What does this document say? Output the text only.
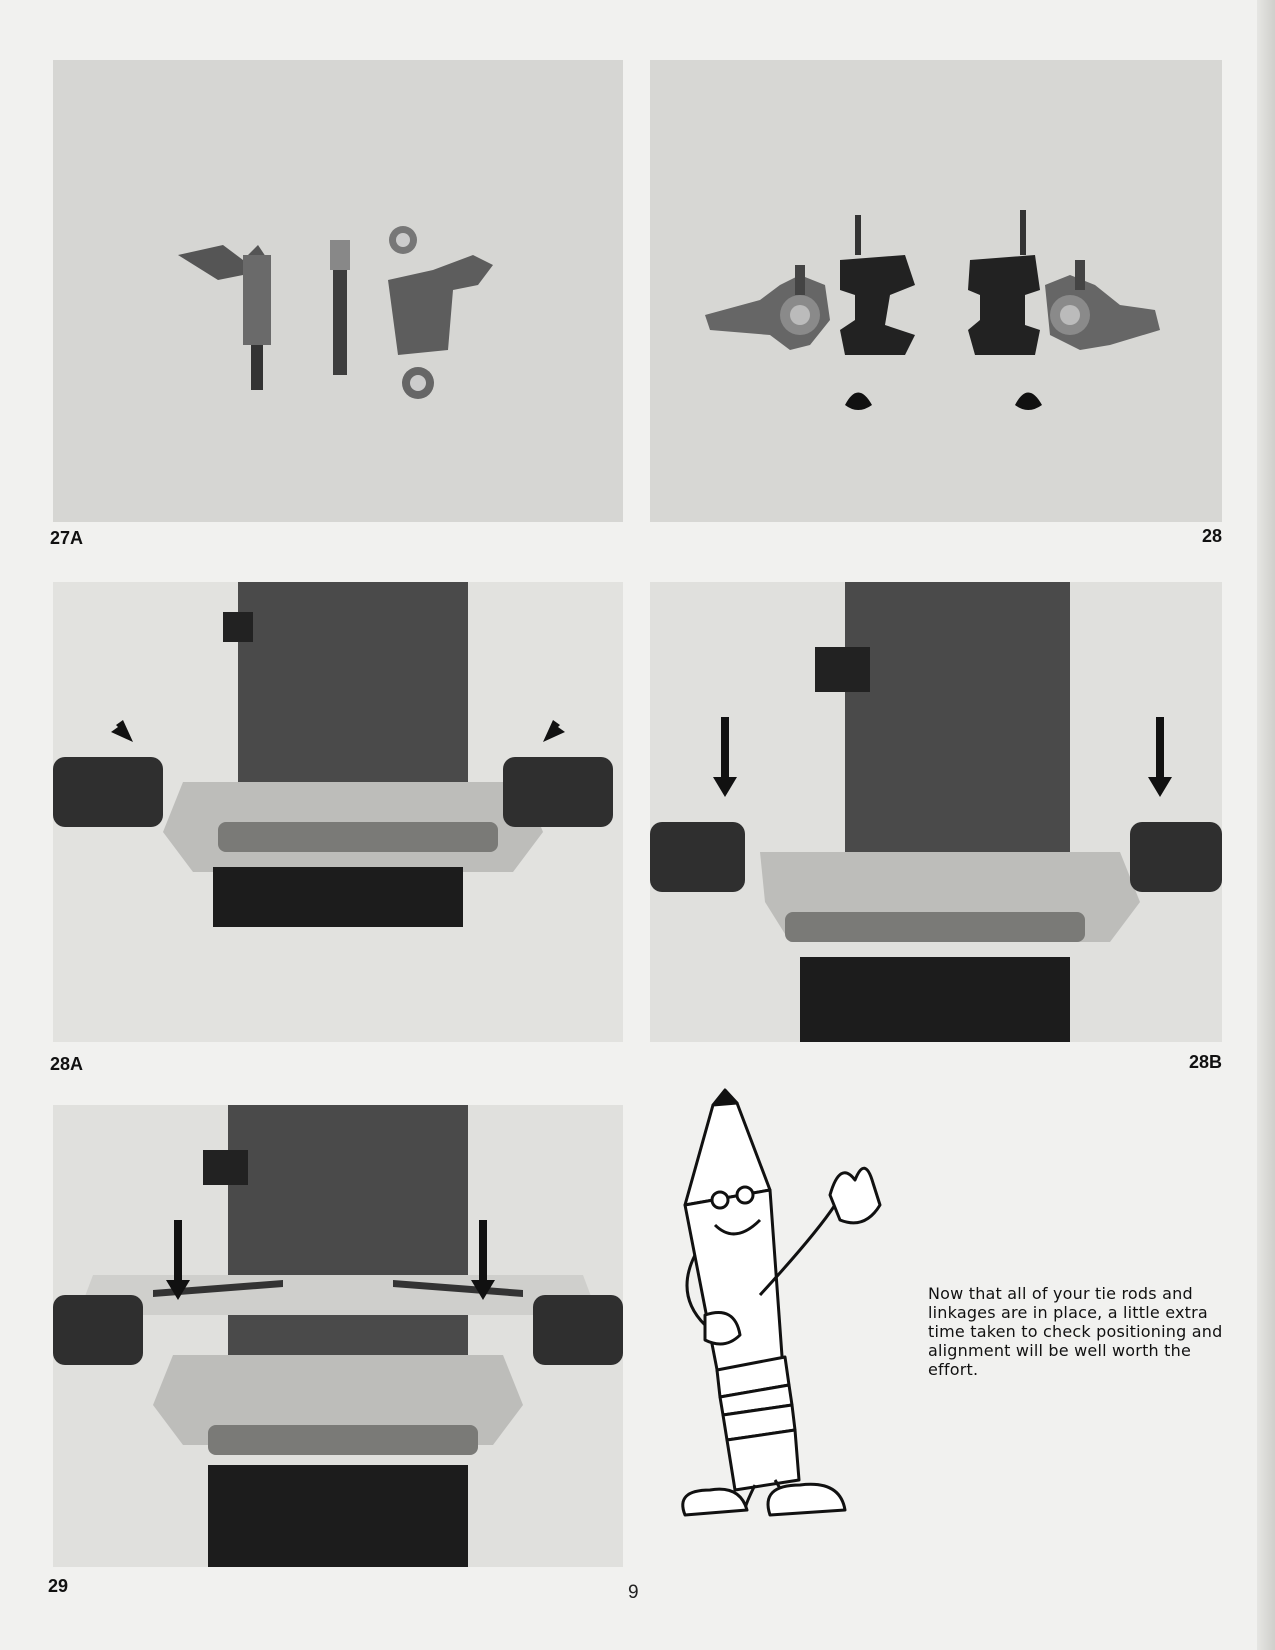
27A	28
28A	28B
29
Now that all of your tie rods and linkages are in place, a little extra time taken to check positioning and alignment will be well worth the effort.
9
